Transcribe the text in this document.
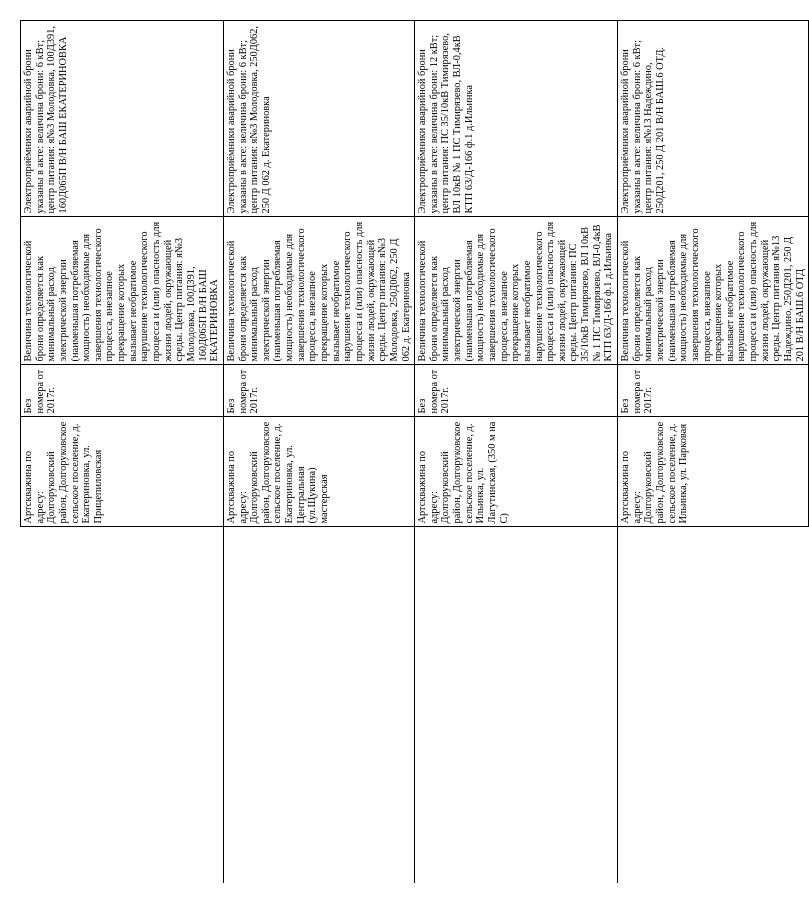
	Артскважина по адресу: Долгоруковский район, Долгоруковское сельское поселение, д. Екатериновка, ул. Прицепиловская	Без номера от 2017г.	Величина технологической брони определяется как минимальный расход электрической энергии (наименьшая потребляемая мощность) необходимые для завершения технологического процесса, внезапное прекращение которых вызывает необратимое нарушение технологического процесса и (или) опасность для жизни людей, окружающей среды. Центр питания: я№3 Молодовка, 100Д391, 160Д065П В/Н БАШ ЕКАТЕРИНОВКА	Электроприёмники аварийной брони указаны в акте: величина брони: 6 кВт; центр питания: я№3 Молодовка, 100Д391, 160Д065П В/Н БАШ ЕКАТЕРИНОВКА
	Артскважина по адресу: Долгоруковский район, Долгоруковское сельское поселение, д. Екатериновка, ул. Центральная (ул.Щукина) мастерская	Без номера от 2017г.	Величина технологической брони определяется как минимальный расход электрической энергии (наименьшая потребляемая мощность) необходимые для завершения технологического процесса, внезапное прекращение которых вызывает необратимое нарушение технологического процесса и (или) опасность для жизни людей, окружающей среды. Центр питания: я№3 Молодовка, 250Д062, 250 Д 062 д. Екатериновка	Электроприёмники аварийной брони указаны в акте: величина брони: 6 кВт; центр питания: я№3 Молодовка, 250Д062, 250 Д 062 д. Екатериновка
	Артскважина по адресу: Долгоруковский район, Долгоруковское сельское поселение, д. Ильинка, ул. Лагутинская, (350 м на С)	Без номера от 2017г.	Величина технологической брони определяется как минимальный расход электрической энергии (наименьшая потребляемая мощность) необходимые для завершения технологического процесса, внезапное прекращение которых вызывает необратимое нарушение технологического процесса и (или) опасность для жизни людей, окружающей среды. Центр питания: ПС 35/10кВ Тимирязево, ВЛ 10кВ № 1 ПС Тимирязево, ВЛ-0,4кВ КТП 63/Д-166 ф.1 д.Ильинка	Электроприёмники аварийной брони указаны в акте: величина брони: 12 кВт; центр питания: ПС 35/10кВ Тимирязево, ВЛ 10кВ № 1 ПС Тимирязево, ВЛ-0,4кВ КТП 63/Д-166 ф.1 д.Ильинка
	Артскважина по адресу: Долгоруковский район, Долгоруковское сельское поселение, д. Ильинка, ул. Парковая	Без номера от 2017г.	Величина технологической брони определяется как минимальный расход электрической энергии (наименьшая потребляемая мощность) необходимые для завершения технологического процесса, внезапное прекращение которых вызывает необратимое нарушение технологического процесса и (или) опасность для жизни людей, окружающей среды. Центр питания я№13 Надеждино, 250Д201, 250 Д 201 В/Н БАШ.6 ОТД	Электроприёмники аварийной брони указаны в акте: величина брони: 6 кВт; центр питания: я№13 Надеждино, 250Д201, 250 Д 201 В/Н БАШ.6 ОТД.
